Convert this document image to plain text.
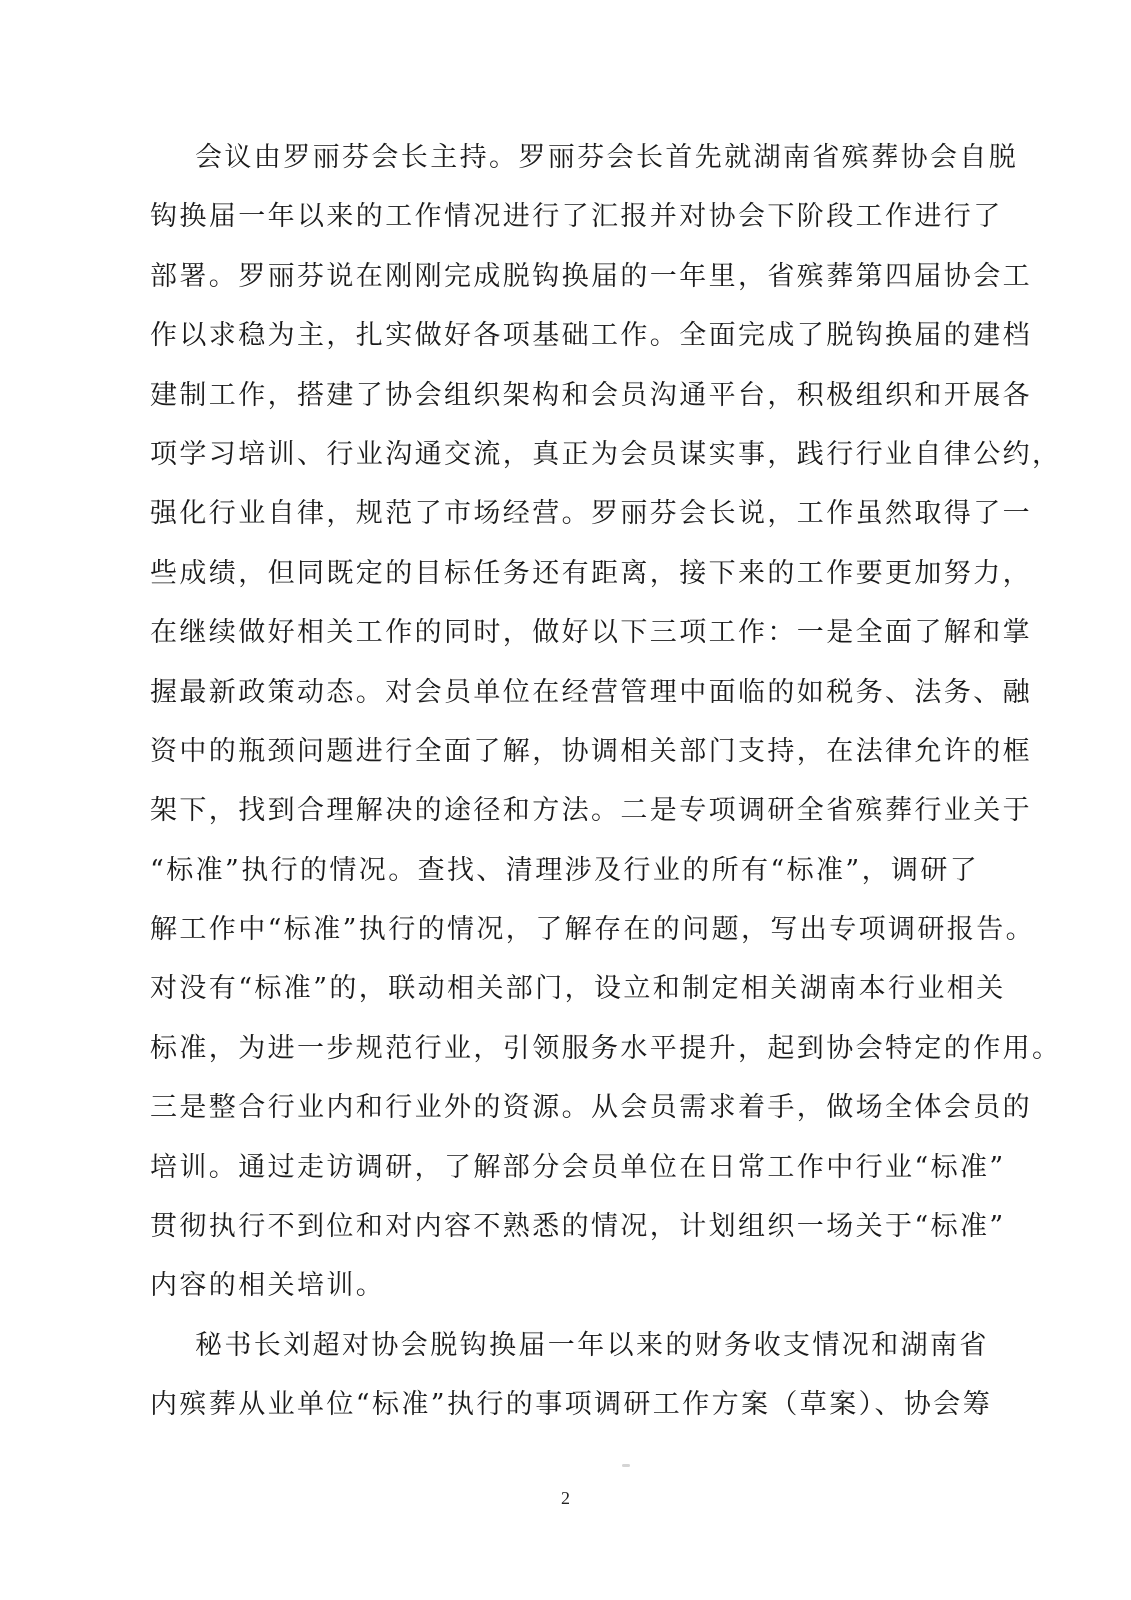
会议由罗丽芬会长主持。罗丽芬会长首先就湖南省殡葬协会自脱
钩换届一年以来的工作情况进行了汇报并对协会下阶段工作进行了
部署。罗丽芬说在刚刚完成脱钩换届的一年里，省殡葬第四届协会工
作以求稳为主，扎实做好各项基础工作。全面完成了脱钩换届的建档
建制工作，搭建了协会组织架构和会员沟通平台，积极组织和开展各
项学习培训、行业沟通交流，真正为会员谋实事，践行行业自律公约，
强化行业自律，规范了市场经营。罗丽芬会长说，工作虽然取得了一
些成绩，但同既定的目标任务还有距离，接下来的工作要更加努力，
在继续做好相关工作的同时，做好以下三项工作：一是全面了解和掌
握最新政策动态。对会员单位在经营管理中面临的如税务、法务、融
资中的瓶颈问题进行全面了解，协调相关部门支持，在法律允许的框
架下，找到合理解决的途径和方法。二是专项调研全省殡葬行业关于
“标准”执行的情况。查找、清理涉及行业的所有“标准”，调研了
解工作中“标准”执行的情况，了解存在的问题，写出专项调研报告。
对没有“标准”的，联动相关部门，设立和制定相关湖南本行业相关
标准，为进一步规范行业，引领服务水平提升，起到协会特定的作用。
三是整合行业内和行业外的资源。从会员需求着手，做场全体会员的
培训。通过走访调研，了解部分会员单位在日常工作中行业“标准”
贯彻执行不到位和对内容不熟悉的情况，计划组织一场关于“标准”
内容的相关培训。
秘书长刘超对协会脱钩换届一年以来的财务收支情况和湖南省
内殡葬从业单位“标准”执行的事项调研工作方案（草案）、协会筹
2
